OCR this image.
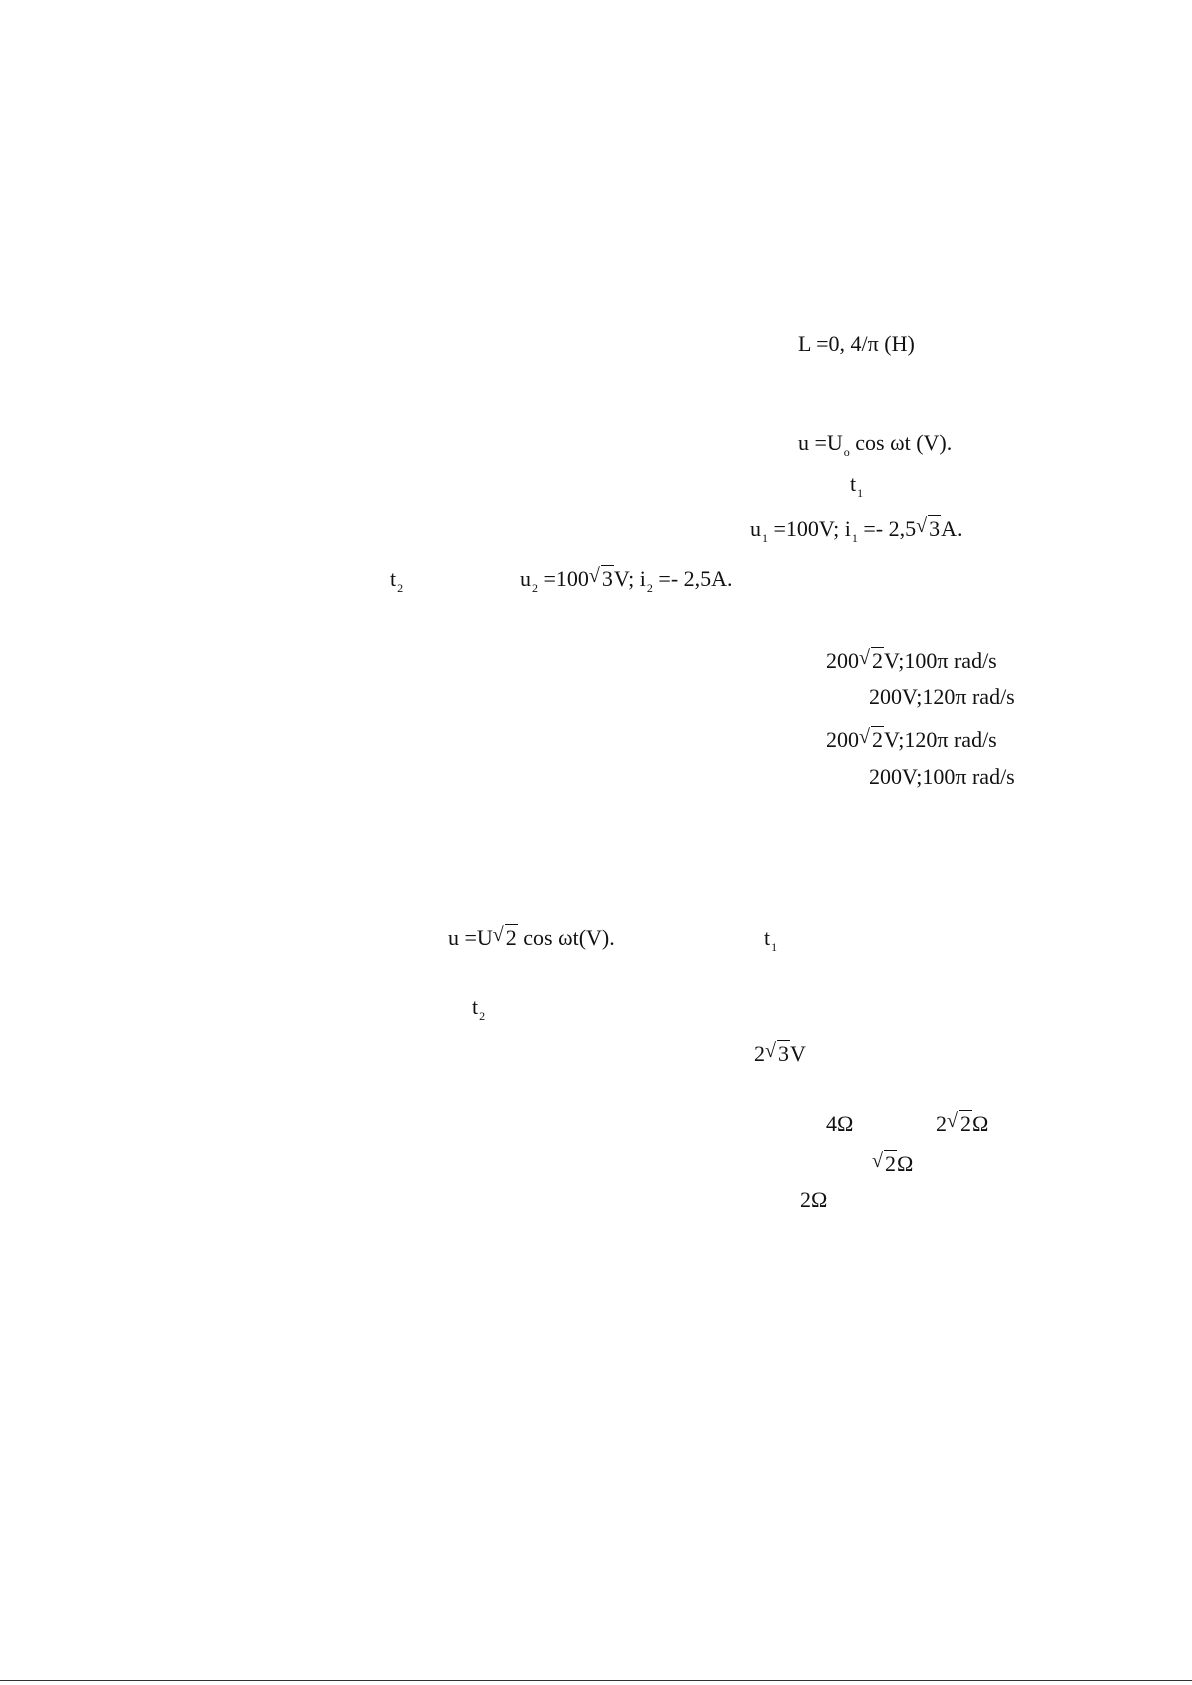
L =0, 4/π (H)
$u =U_o$ cos ωt (V).
$t_1$
$u_1 =100V$; $i_1 =- 2,5√$ 3A.
$t_2$	$u_2 =100√$ 3V; $i_2 =- 2,5A$.
200√ 2V;100π rad/s
200V;120π rad/s
200√ 2V;120π rad/s
200V;100π rad/s
u =U√ 2 cos ωt(V).	$t_1$
$t_2$
2√ 3V
4Ω	2√ 2Ω
√ 2Ω
2Ω
